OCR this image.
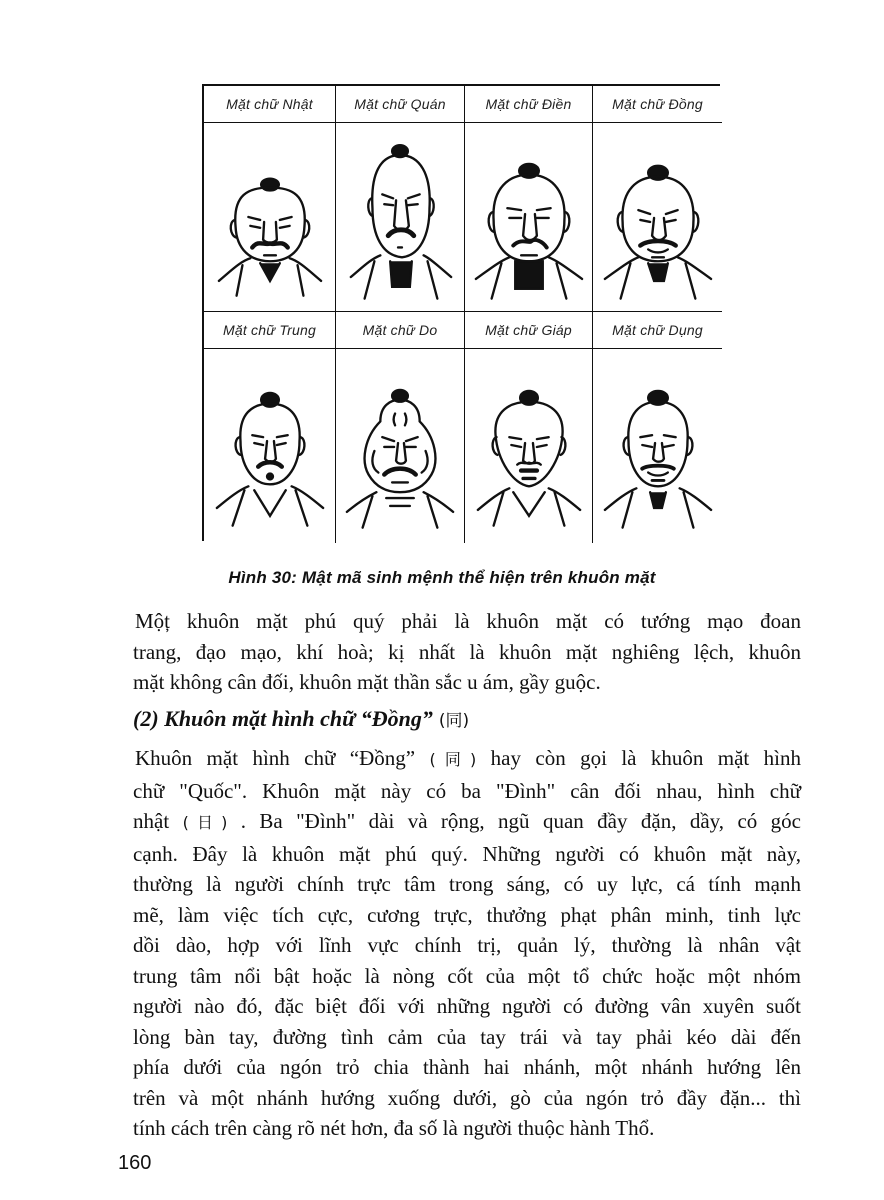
Mặt chữ Nhật	Mặt chữ Quán	Mặt chữ Điền	Mặt chữ Đồng
Mặt chữ Trung	Mặt chữ Do	Mặt chữ Giáp	Mặt chữ Dụng
Hình 30: Mật mã sinh mệnh thể hiện trên khuôn mặt
Mộț khuôn mặt phú quý phải là khuôn mặt có tướng mạo đoan
trang, đạo mạo, khí hoà; kị nhất là khuôn mặt nghiêng lệch, khuôn
mặt không cân đối, khuôn mặt thần sắc u ám, gầy guộc.
(2) Khuôn mặt hình chữ “Đồng” (同)
Khuôn mặt hình chữ “Đồng” (同) hay còn gọi là khuôn mặt hình
chữ "Quốc". Khuôn mặt này có ba "Đình" cân đối nhau, hình chữ
nhật (日) . Ba "Đình" dài và rộng, ngũ quan đầy đặn, dầy, có góc
cạnh. Đây là khuôn mặt phú quý. Những người có khuôn mặt này,
thường là người chính trực tâm trong sáng, có uy lực, cá tính mạnh
mẽ, làm việc tích cực, cương trực, thưởng phạt phân minh, tinh lực
dồi dào, hợp với lĩnh vực chính trị, quản lý, thường là nhân vật
trung tâm nổi bật hoặc là nòng cốt của một tổ chức hoặc một nhóm
người nào đó, đặc biệt đối với những người có đường vân xuyên suốt
lòng bàn tay, đường tình cảm của tay trái và tay phải kéo dài đến
phía dưới của ngón trỏ chia thành hai nhánh, một nhánh hướng lên
trên và một nhánh hướng xuống dưới, gò của ngón trỏ đầy đặn... thì
tính cách trên càng rõ nét hơn, đa số là người thuộc hành Thổ.
160
